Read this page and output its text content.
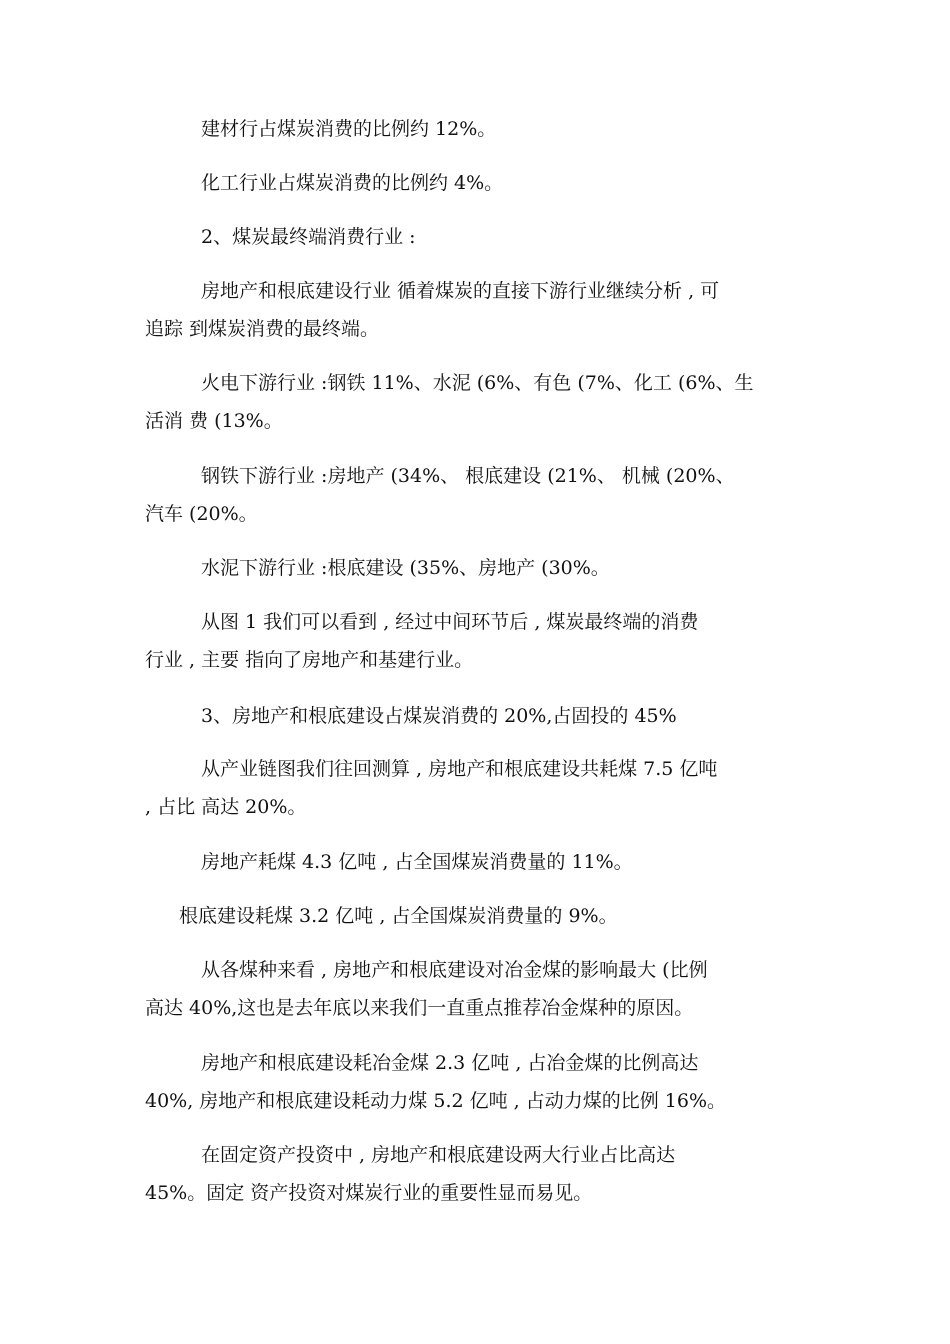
建材行占煤炭消费的比例约 12%。

化工行业占煤炭消费的比例约 4%。

2、煤炭最终端消费行业 :

房地产和根底建设行业 循着煤炭的直接下游行业继续分析 , 可
追踪 到煤炭消费的最终端。

火电下游行业 :钢铁 11%、水泥 (6%、有色 (7%、化工 (6%、生
活消 费 (13%。

钢铁下游行业 :房地产 (34%、 根底建设 (21%、 机械 (20%、
汽车 (20%。

水泥下游行业 :根底建设 (35%、房地产 (30%。

从图 1 我们可以看到 , 经过中间环节后 , 煤炭最终端的消费
行业 , 主要 指向了房地产和基建行业。

3、房地产和根底建设占煤炭消费的 20%,占固投的 45%

从产业链图我们往回测算 , 房地产和根底建设共耗煤 7.5 亿吨
, 占比 高达 20%。

房地产耗煤 4.3 亿吨 , 占全国煤炭消费量的 11%。

根底建设耗煤 3.2 亿吨 , 占全国煤炭消费量的 9%。

从各煤种来看 , 房地产和根底建设对冶金煤的影响最大 (比例
高达 40%,这也是去年底以来我们一直重点推荐冶金煤种的原因。

房地产和根底建设耗冶金煤 2.3 亿吨 , 占冶金煤的比例高达
40%, 房地产和根底建设耗动力煤 5.2 亿吨 , 占动力煤的比例 16%。

在固定资产投资中 , 房地产和根底建设两大行业占比高达
45%。固定 资产投资对煤炭行业的重要性显而易见。
